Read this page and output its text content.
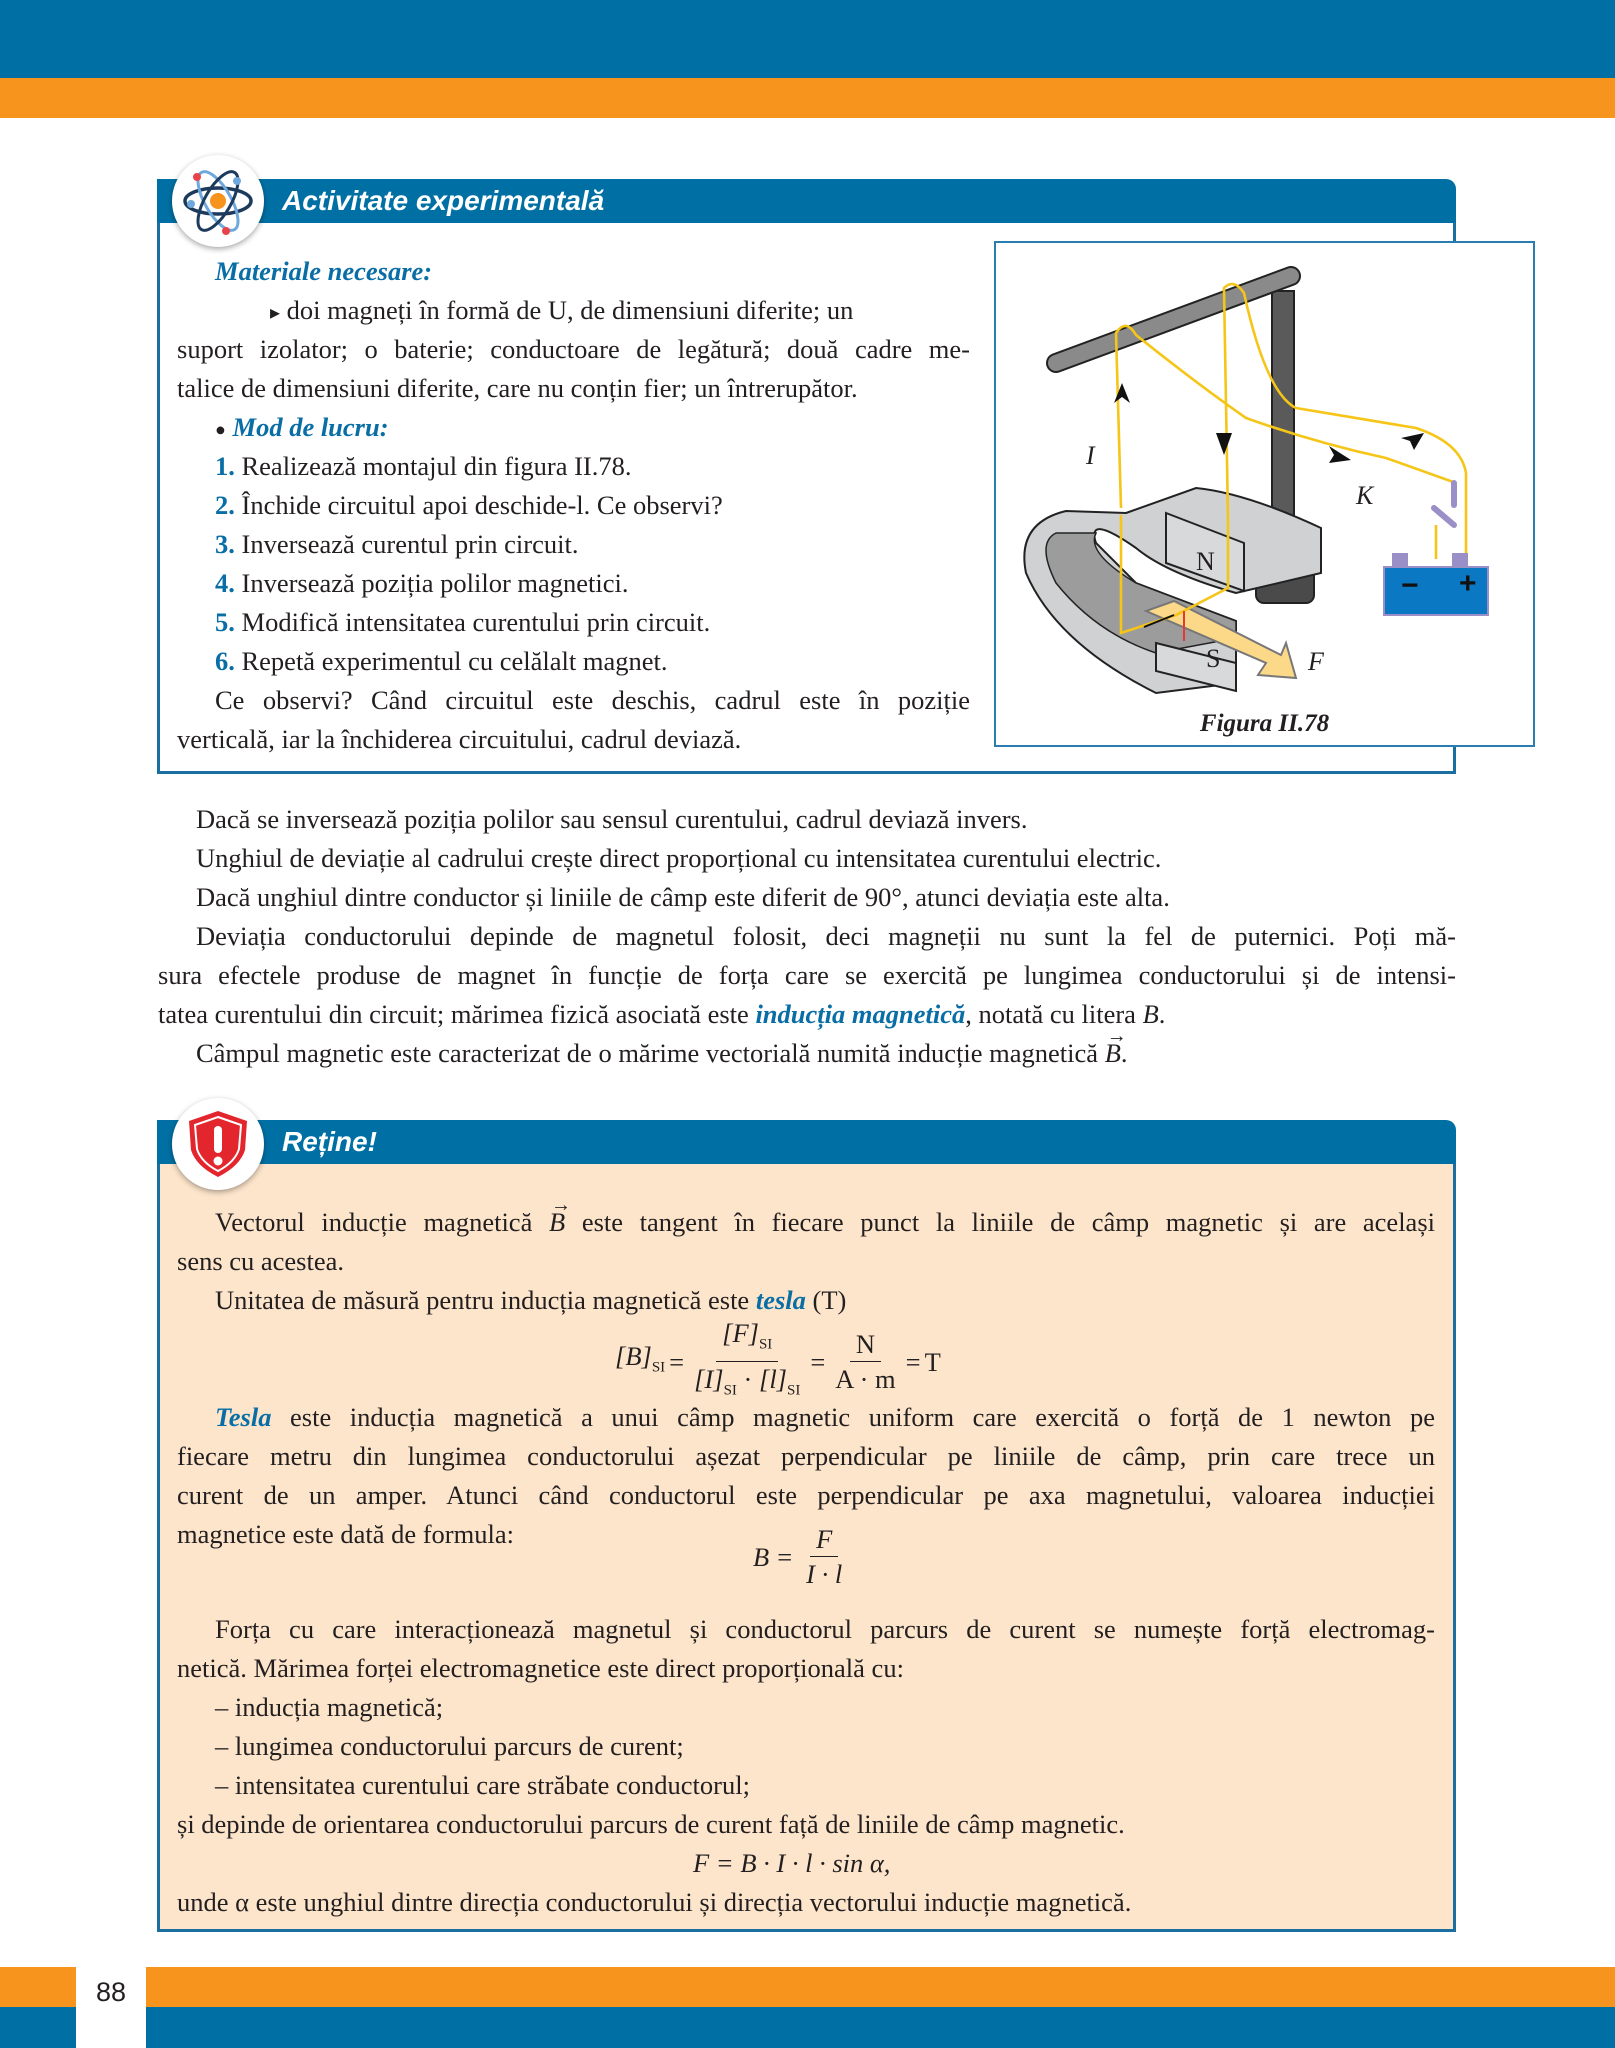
88
Activitate experimentală
Materiale necesare:
▸ doi magneți în formă de U, de dimensiuni diferite; un
suport izolator; o baterie; conductoare de legătură; două cadre me-
talice de dimensiuni diferite, care nu conțin fier; un întrerupător.
● Mod de lucru:
1. Realizează montajul din figura II.78.
2. Închide circuitul apoi deschide-l. Ce observi?
3. Inversează curentul prin circuit.
4. Inversează poziția polilor magnetici.
5. Modifică intensitatea curentului prin circuit.
6. Repetă experimentul cu celălalt magnet.
Ce observi? Când circuitul este deschis, cadrul este în poziție
verticală, iar la închiderea circuitului, cadrul deviază.
I
K
N
S	F
− +
Figura II.78
Dacă se inversează poziția polilor sau sensul curentului, cadrul deviază invers.
Unghiul de deviație al cadrului crește direct proporțional cu intensitatea curentului electric.
Dacă unghiul dintre conductor și liniile de câmp este diferit de 90°, atunci deviația este alta.
Deviația conductorului depinde de magnetul folosit, deci magneții nu sunt la fel de puternici. Poți mă-
sura efectele produse de magnet în funcție de forța care se exercită pe lungimea conductorului și de intensi-
tatea curentului din circuit; mărimea fizică asociată este inducția magnetică, notată cu litera B.
Câmpul magnetic este caracterizat de o mărime vectorială numită inducție magnetică → B.
Reține!
Vectorul inducție magnetică → B este tangent în fiecare punct la liniile de câmp magnetic și are același
sens cu acestea.
Unitatea de măsură pentru inducția magnetică este tesla (T)
$[B]_{SI} = \frac{[F]_{SI}}{[I]_{SI} \cdot [l]_{SI}} = \frac{N}{A \cdot m} = T$
Tesla este inducția magnetică a unui câmp magnetic uniform care exercită o forță de 1 newton pe
fiecare metru din lungimea conductorului așezat perpendicular pe liniile de câmp, prin care trece un
curent de un amper. Atunci când conductorul este perpendicular pe axa magnetului, valoarea inducției
magnetice este dată de formula:
$B = \frac{F}{I \cdot l}$
Forța cu care interacționează magnetul și conductorul parcurs de curent se numește forță electromag-
netică. Mărimea forței electromagnetice este direct proporțională cu:
– inducția magnetică;
– lungimea conductorului parcurs de curent;
– intensitatea curentului care străbate conductorul;
și depinde de orientarea conductorului parcurs de curent față de liniile de câmp magnetic.
F = B · I · l · sin α,
unde α este unghiul dintre direcția conductorului și direcția vectorului inducție magnetică.
